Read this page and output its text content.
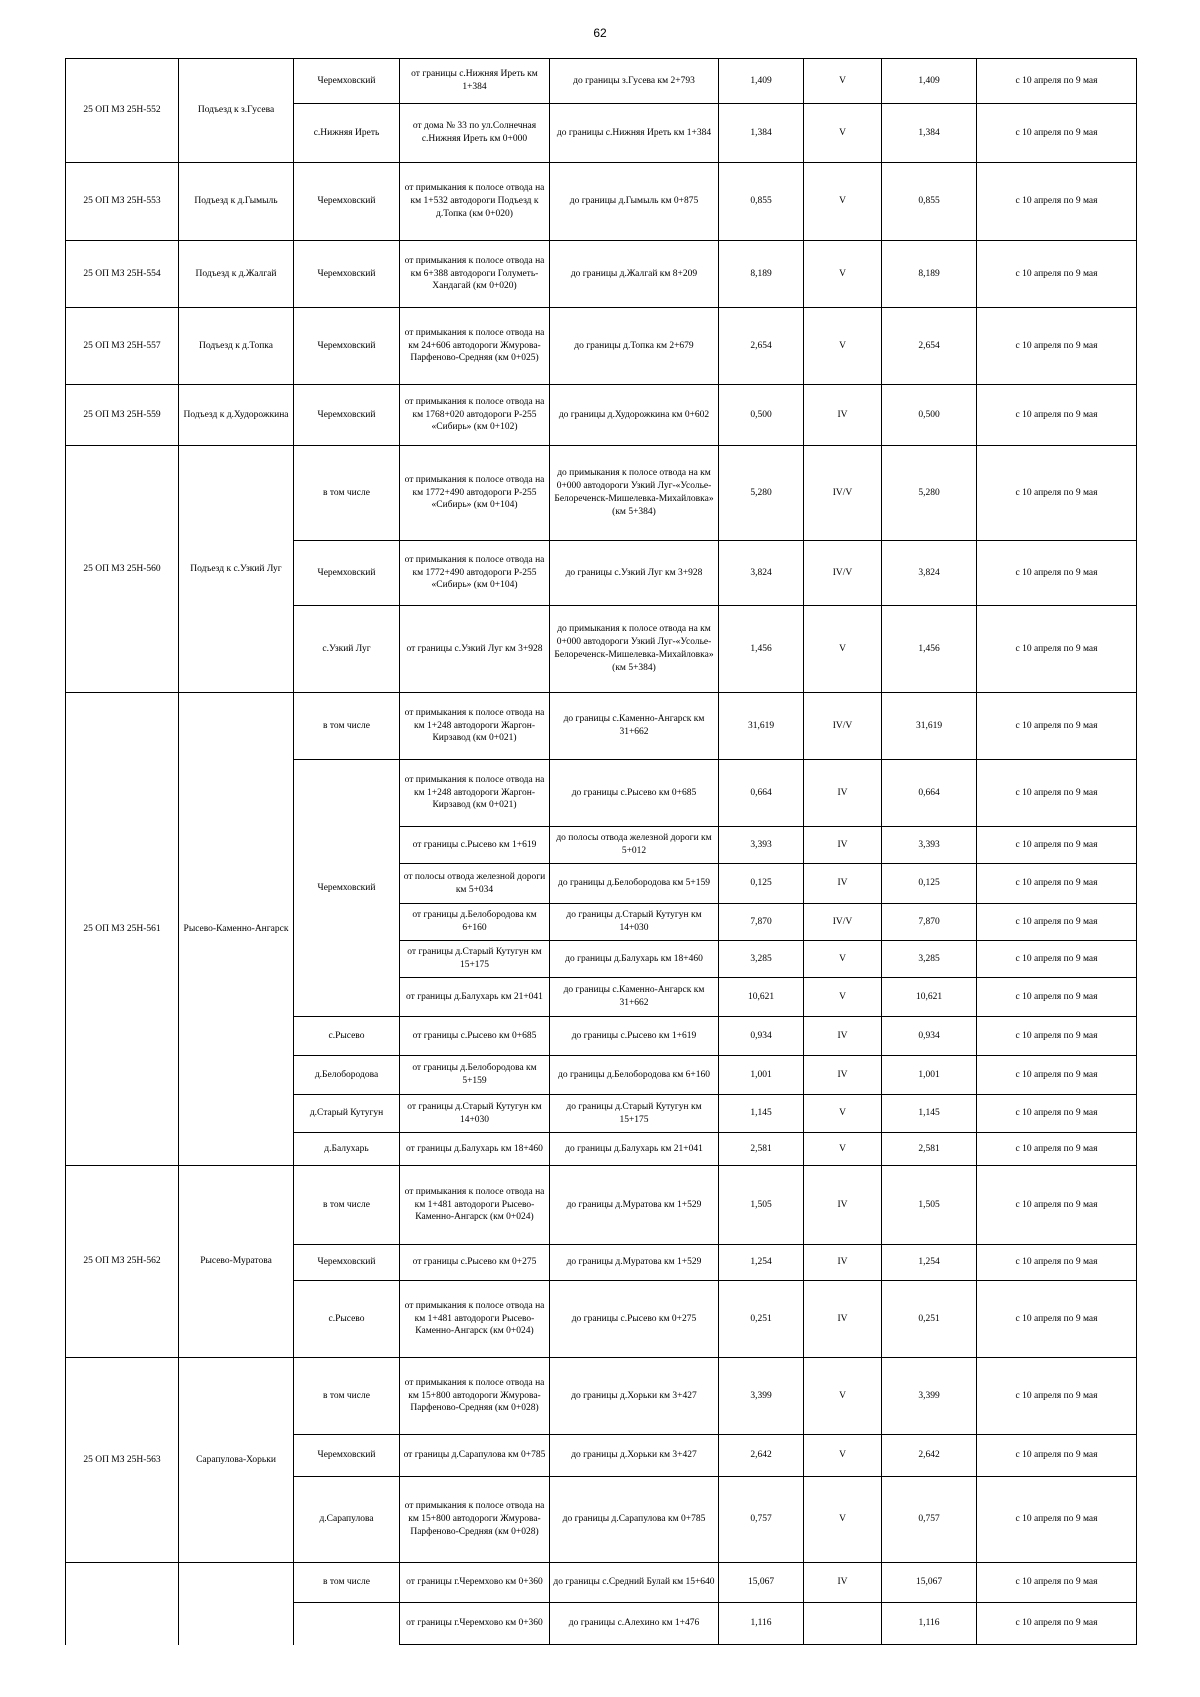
62
25 ОП МЗ 25Н-552	Подъезд к з.Гусева	Черемховский	от границы с.Нижняя Иреть км 1+384	до границы з.Гусева км 2+793	1,409	V	1,409	с 10 апреля по 9 мая
		с.Нижняя Иреть	от дома № 33 по ул.Солнечная с.Нижняя Иреть км 0+000	до границы с.Нижняя Иреть км 1+384	1,384	V	1,384	с 10 апреля по 9 мая
25 ОП МЗ 25Н-553	Подъезд к д.Гымыль	Черемховский	от примыкания к полосе отвода на км 1+532 автодороги Подъезд к д.Топка (км 0+020)	до границы д.Гымыль км 0+875	0,855	V	0,855	с 10 апреля по 9 мая
25 ОП МЗ 25Н-554	Подъезд к д.Жалгай	Черемховский	от примыкания к полосе отвода на км 6+388 автодороги Голуметь-Хандагай (км 0+020)	до границы д.Жалгай км 8+209	8,189	V	8,189	с 10 апреля по 9 мая
25 ОП МЗ 25Н-557	Подъезд к д.Топка	Черемховский	от примыкания к полосе отвода на км 24+606 автодороги Жмурова-Парфеново-Средняя (км 0+025)	до границы д.Топка км 2+679	2,654	V	2,654	с 10 апреля по 9 мая
25 ОП МЗ 25Н-559	Подъезд к д.Худорожкина	Черемховский	от примыкания к полосе отвода на км 1768+020 автодороги Р-255 «Сибирь» (км 0+102)	до границы д.Худорожкина км 0+602	0,500	IV	0,500	с 10 апреля по 9 мая
25 ОП МЗ 25Н-560	Подъезд к с.Узкий Луг	в том числе	от примыкания к полосе отвода на км 1772+490 автодороги Р-255 «Сибирь» (км 0+104)	до примыкания к полосе отвода на км 0+000 автодороги Узкий Луг-«Усолье-Белореченск-Мишелевка-Михайловка» (км 5+384)	5,280	IV/V	5,280	с 10 апреля по 9 мая
		Черемховский	от примыкания к полосе отвода на км 1772+490 автодороги Р-255 «Сибирь» (км 0+104)	до границы с.Узкий Луг км 3+928	3,824	IV/V	3,824	с 10 апреля по 9 мая
		с.Узкий Луг	от границы с.Узкий Луг км 3+928	до примыкания к полосе отвода на км 0+000 автодороги Узкий Луг-«Усолье-Белореченск-Мишелевка-Михайловка» (км 5+384)	1,456	V	1,456	с 10 апреля по 9 мая
25 ОП МЗ 25Н-561	Рысево-Каменно-Ангарск	в том числе	от примыкания к полосе отвода на км 1+248 автодороги Жаргон-Кирзавод (км 0+021)	до границы с.Каменно-Ангарск км 31+662	31,619	IV/V	31,619	с 10 апреля по 9 мая
		Черемховский	от примыкания к полосе отвода на км 1+248 автодороги Жаргон-Кирзавод (км 0+021)	до границы с.Рысево км 0+685	0,664	IV	0,664	с 10 апреля по 9 мая
			от границы с.Рысево км 1+619	до полосы отвода железной дороги км 5+012	3,393	IV	3,393	с 10 апреля по 9 мая
			от полосы отвода железной дороги км 5+034	до границы д.Белобородова км 5+159	0,125	IV	0,125	с 10 апреля по 9 мая
			от границы д.Белобородова км 6+160	до границы д.Старый Кутугун км 14+030	7,870	IV/V	7,870	с 10 апреля по 9 мая
			от границы д.Старый Кутугун км 15+175	до границы д.Балухарь км 18+460	3,285	V	3,285	с 10 апреля по 9 мая
			от границы д.Балухарь км 21+041	до границы с.Каменно-Ангарск км 31+662	10,621	V	10,621	с 10 апреля по 9 мая
		с.Рысево	от границы с.Рысево км 0+685	до границы с.Рысево км 1+619	0,934	IV	0,934	с 10 апреля по 9 мая
		д.Белобородова	от границы д.Белобородова км 5+159	до границы д.Белобородова км 6+160	1,001	IV	1,001	с 10 апреля по 9 мая
		д.Старый Кутугун	от границы д.Старый Кутугун км 14+030	до границы д.Старый Кутугун км 15+175	1,145	V	1,145	с 10 апреля по 9 мая
		д.Балухарь	от границы д.Балухарь км 18+460	до границы д.Балухарь км 21+041	2,581	V	2,581	с 10 апреля по 9 мая
25 ОП МЗ 25Н-562	Рысево-Муратова	в том числе	от примыкания к полосе отвода на км 1+481 автодороги Рысево-Каменно-Ангарск (км 0+024)	до границы д.Муратова км 1+529	1,505	IV	1,505	с 10 апреля по 9 мая
		Черемховский	от границы с.Рысево км 0+275	до границы д.Муратова км 1+529	1,254	IV	1,254	с 10 апреля по 9 мая
		с.Рысево	от примыкания к полосе отвода на км 1+481 автодороги Рысево-Каменно-Ангарск (км 0+024)	до границы с.Рысево км 0+275	0,251	IV	0,251	с 10 апреля по 9 мая
25 ОП МЗ 25Н-563	Сарапулова-Хорьки	в том числе	от примыкания к полосе отвода на км 15+800 автодороги Жмурова-Парфеново-Средняя (км 0+028)	до границы д.Хорьки км 3+427	3,399	V	3,399	с 10 апреля по 9 мая
		Черемховский	от границы д.Сарапулова км 0+785	до границы д.Хорьки км 3+427	2,642	V	2,642	с 10 апреля по 9 мая
		д.Сарапулова	от примыкания к полосе отвода на км 15+800 автодороги Жмурова-Парфеново-Средняя (км 0+028)	до границы д.Сарапулова км 0+785	0,757	V	0,757	с 10 апреля по 9 мая
		в том числе	от границы г.Черемхово км 0+360	до границы с.Средний Булай км 15+640	15,067	IV	15,067	с 10 апреля по 9 мая
			от границы г.Черемхово км 0+360	до границы с.Алехино км 1+476	1,116		1,116	с 10 апреля по 9 мая
